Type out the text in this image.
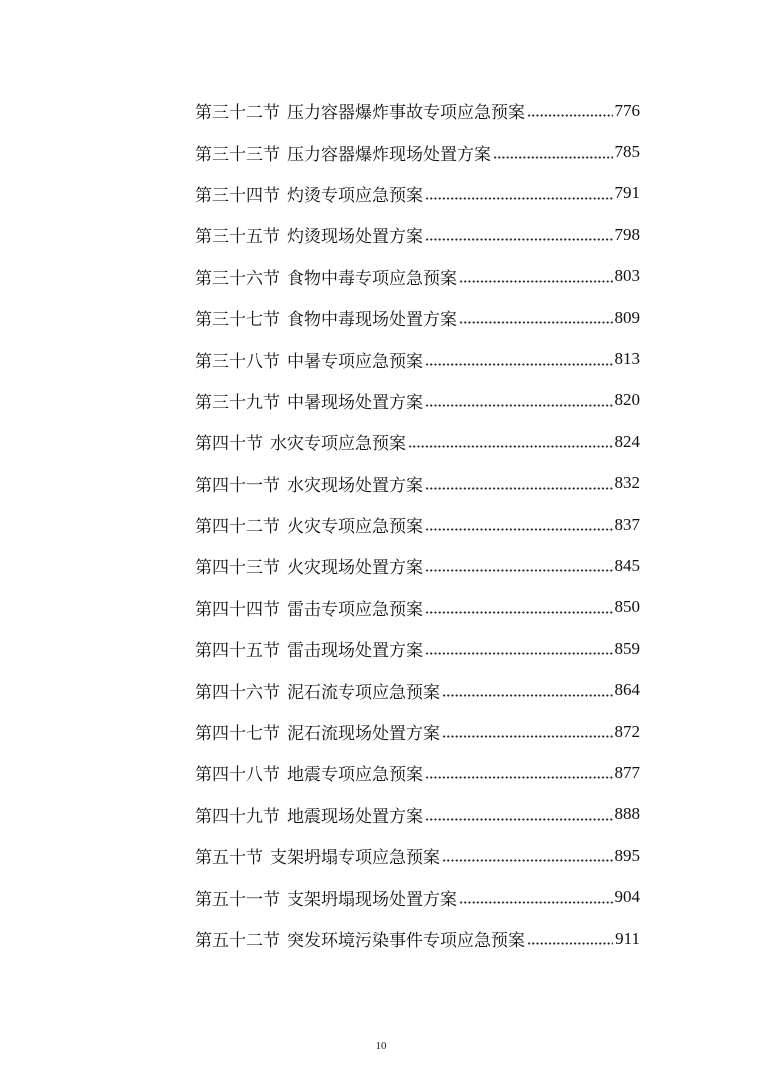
第三十二节 压力容器爆炸事故专项应急预案	776
第三十三节 压力容器爆炸现场处置方案	785
第三十四节 灼烫专项应急预案	791
第三十五节 灼烫现场处置方案	798
第三十六节 食物中毒专项应急预案	803
第三十七节 食物中毒现场处置方案	809
第三十八节 中暑专项应急预案	813
第三十九节 中暑现场处置方案	820
第四十节 水灾专项应急预案	824
第四十一节 水灾现场处置方案	832
第四十二节 火灾专项应急预案	837
第四十三节 火灾现场处置方案	845
第四十四节 雷击专项应急预案	850
第四十五节 雷击现场处置方案	859
第四十六节 泥石流专项应急预案	864
第四十七节 泥石流现场处置方案	872
第四十八节 地震专项应急预案	877
第四十九节 地震现场处置方案	888
第五十节 支架坍塌专项应急预案	895
第五十一节 支架坍塌现场处置方案	904
第五十二节 突发环境污染事件专项应急预案	911
10
